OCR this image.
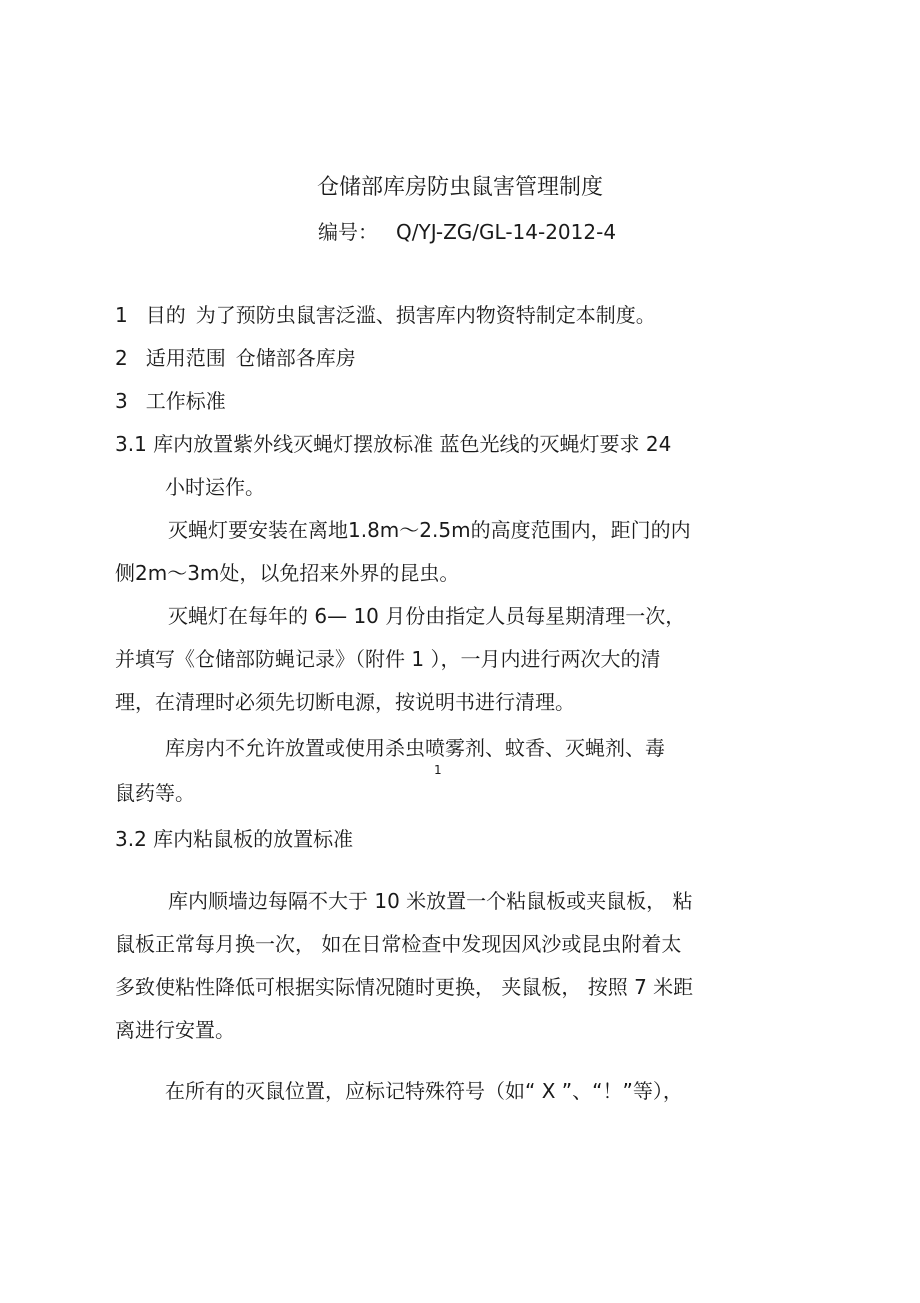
仓储部库房防虫鼠害管理制度
编号： Q/YJ-ZG/GL-14-2012-4
1 目的 为了预防虫鼠害泛滥、损害库内物资特制定本制度。
2 适用范围 仓储部各库房
3 工作标准
3.1 库内放置紫外线灭蝇灯摆放标准 蓝色光线的灭蝇灯要求 24
小时运作。
灭蝇灯要安装在离地1.8m～2.5m的高度范围内，距门的内
侧2m～3m处，以免招来外界的昆虫。
灭蝇灯在每年的 6— 10 月份由指定人员每星期清理一次，
并填写《仓储部防蝇记录》（附件 1 ），一月内进行两次大的清
理，在清理时必须先切断电源，按说明书进行清理。
库房内不允许放置或使用杀虫喷雾剂、蚊香、灭蝇剂、毒
1
鼠药等。
3.2 库内粘鼠板的放置标准
库内顺墙边每隔不大于 10 米放置一个粘鼠板或夹鼠板， 粘
鼠板正常每月换一次， 如在日常检查中发现因风沙或昆虫附着太
多致使粘性降低可根据实际情况随时更换， 夹鼠板， 按照 7 米距
离进行安置。
在所有的灭鼠位置，应标记特殊符号（如“ X ”、“！”等），
